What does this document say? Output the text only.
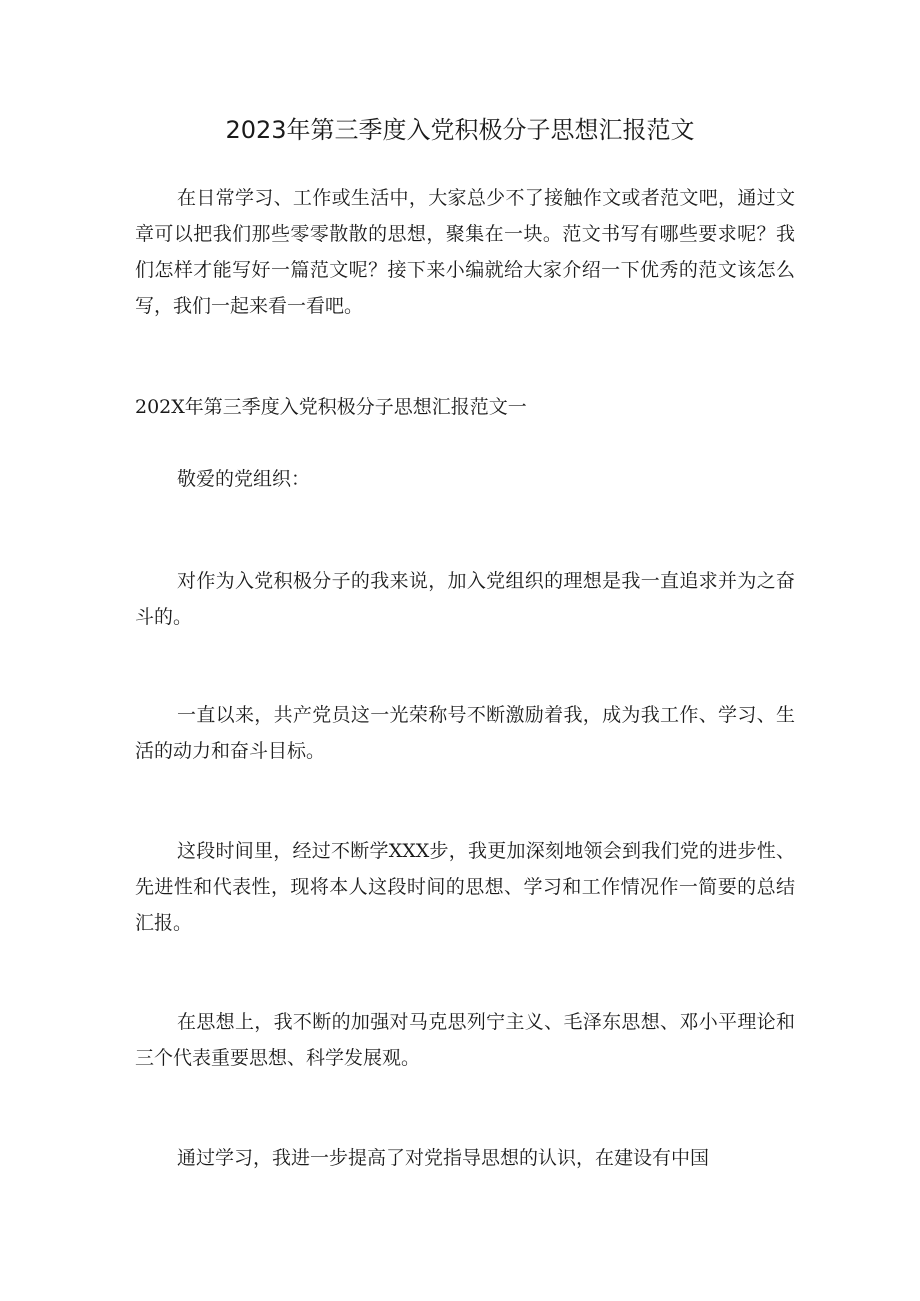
2023年第三季度入党积极分子思想汇报范文
在日常学习、工作或生活中，大家总少不了接触作文或者范文吧，通过文章可以把我们那些零零散散的思想，聚集在一块。范文书写有哪些要求呢？我们怎样才能写好一篇范文呢？接下来小编就给大家介绍一下优秀的范文该怎么写，我们一起来看一看吧。
202X年第三季度入党积极分子思想汇报范文一
敬爱的党组织：
对作为入党积极分子的我来说，加入党组织的理想是我一直追求并为之奋斗的。
一直以来，共产党员这一光荣称号不断激励着我，成为我工作、学习、生活的动力和奋斗目标。
这段时间里，经过不断学XXX步，我更加深刻地领会到我们党的进步性、先进性和代表性，现将本人这段时间的思想、学习和工作情况作一简要的总结汇报。
在思想上，我不断的加强对马克思列宁主义、毛泽东思想、邓小平理论和三个代表重要思想、科学发展观。
通过学习，我进一步提高了对党指导思想的认识，在建设有中国
